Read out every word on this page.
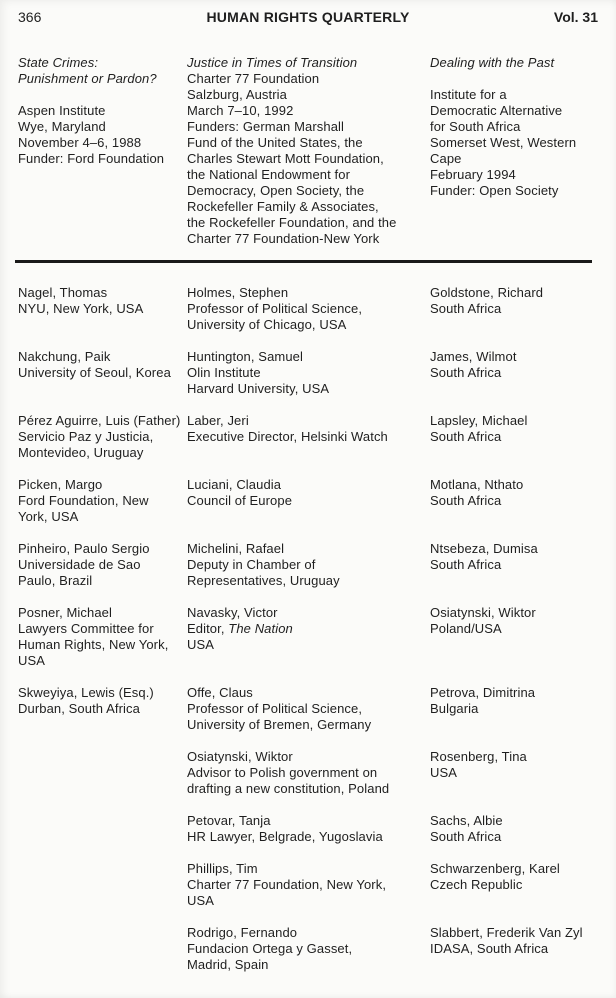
366	HUMAN RIGHTS QUARTERLY	Vol. 31
State Crimes:
Punishment or Pardon?
Aspen Institute
Wye, Maryland
November 4–6, 1988
Funder: Ford Foundation
Justice in Times of Transition
Charter 77 Foundation
Salzburg, Austria
March 7–10, 1992
Funders: German Marshall
Fund of the United States, the
Charles Stewart Mott Foundation,
the National Endowment for
Democracy, Open Society, the
Rockefeller Family & Associates,
the Rockefeller Foundation, and the
Charter 77 Foundation-New York
Dealing with the Past
Institute for a
Democratic Alternative
for South Africa
Somerset West, Western
Cape
February 1994
Funder: Open Society
Nagel, Thomas
NYU, New York, USA
Holmes, Stephen
Professor of Political Science,
University of Chicago, USA
Goldstone, Richard
South Africa
Nakchung, Paik
University of Seoul, Korea
Huntington, Samuel
Olin Institute
Harvard University, USA
James, Wilmot
South Africa
Pérez Aguirre, Luis (Father)
Servicio Paz y Justicia,
Montevideo, Uruguay
Laber, Jeri
Executive Director, Helsinki Watch
Lapsley, Michael
South Africa
Picken, Margo
Ford Foundation, New
York, USA
Luciani, Claudia
Council of Europe
Motlana, Nthato
South Africa
Pinheiro, Paulo Sergio
Universidade de Sao
Paulo, Brazil
Michelini, Rafael
Deputy in Chamber of
Representatives, Uruguay
Ntsebeza, Dumisa
South Africa
Posner, Michael
Lawyers Committee for
Human Rights, New York,
USA
Navasky, Victor
Editor, The Nation
USA
Osiatynski, Wiktor
Poland/USA
Skweyiya, Lewis (Esq.)
Durban, South Africa
Offe, Claus
Professor of Political Science,
University of Bremen, Germany
Petrova, Dimitrina
Bulgaria
Osiatynski, Wiktor
Advisor to Polish government on
drafting a new constitution, Poland
Rosenberg, Tina
USA
Petovar, Tanja
HR Lawyer, Belgrade, Yugoslavia
Sachs, Albie
South Africa
Phillips, Tim
Charter 77 Foundation, New York,
USA
Schwarzenberg, Karel
Czech Republic
Rodrigo, Fernando
Fundacion Ortega y Gasset,
Madrid, Spain
Slabbert, Frederik Van Zyl
IDASA, South Africa
